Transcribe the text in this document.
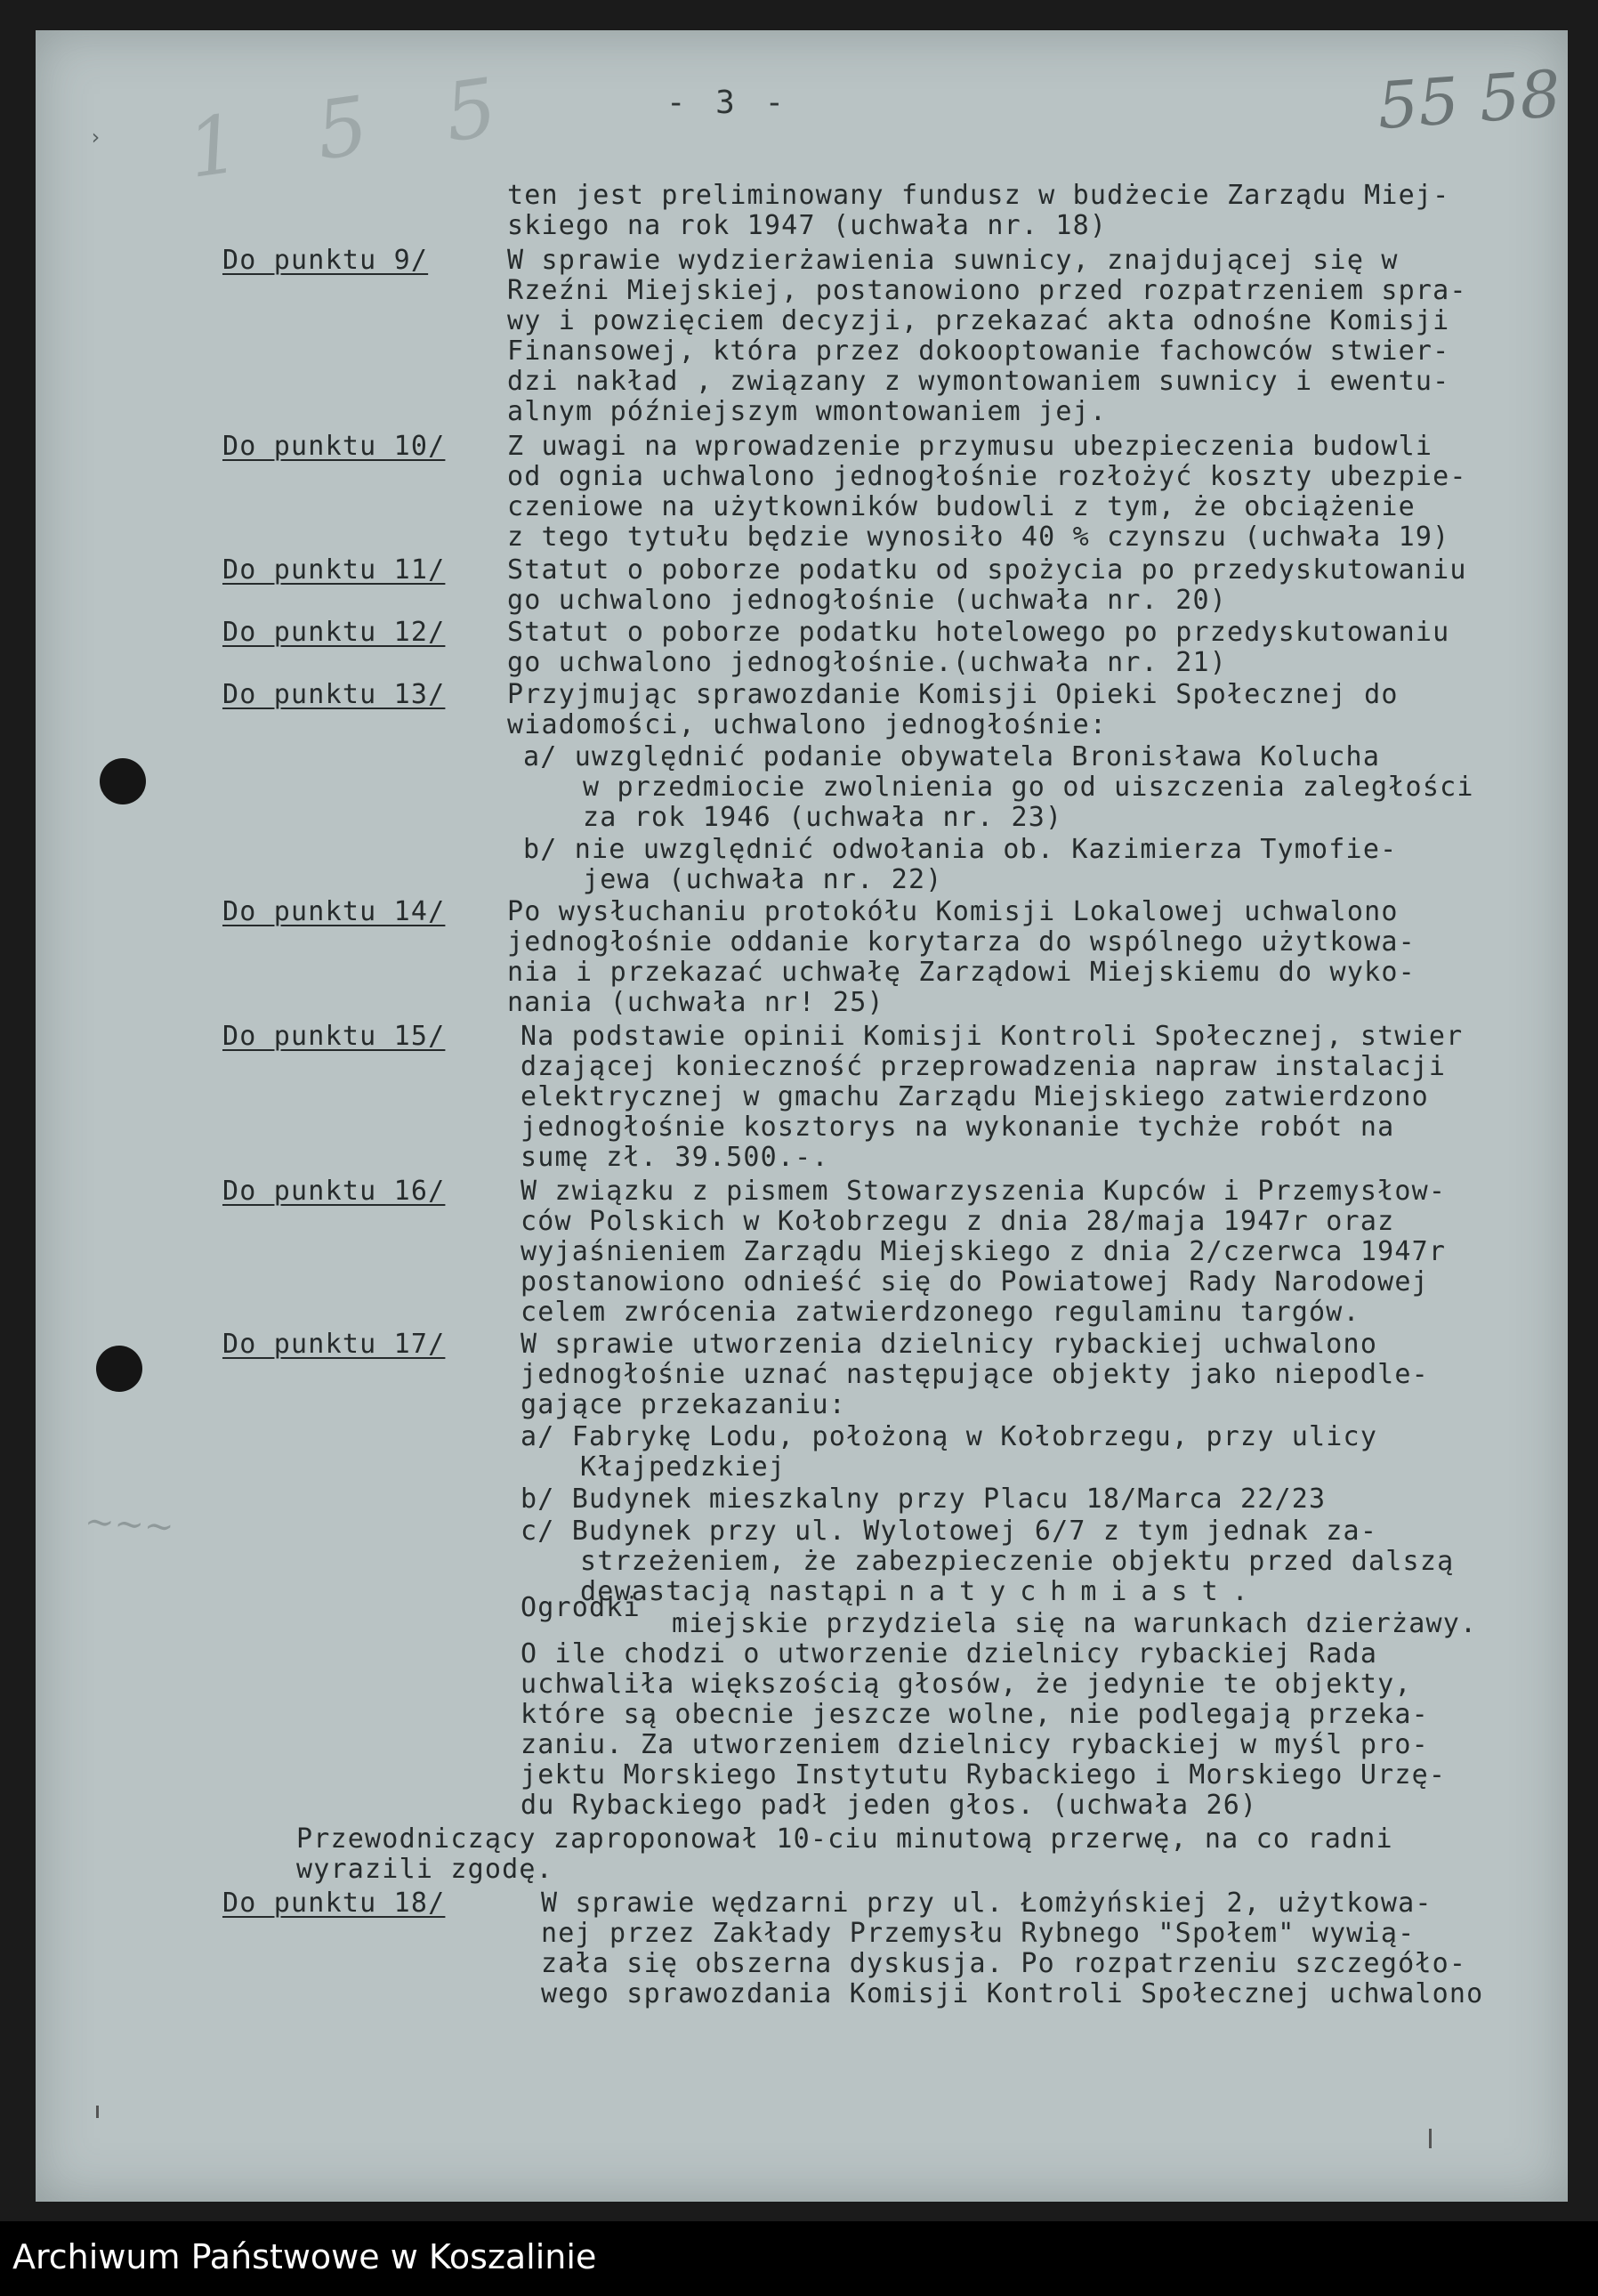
1 5 5
›
~~~
- 3 -	55 58
ten jest preliminowany fundusz w budżecie Zarządu Miej-
skiego na rok 1947 (uchwała nr. 18)
Do punktu 9/	W sprawie wydzierżawienia suwnicy, znajdującej się w
Rzeźni Miejskiej, postanowiono przed rozpatrzeniem spra-
wy i powzięciem decyzji, przekazać akta odnośne Komisji
Finansowej, która przez dokooptowanie fachowców stwier-
dzi nakład , związany z wymontowaniem suwnicy i ewentu-
alnym późniejszym wmontowaniem jej.
Do punktu 10/ Z uwagi na wprowadzenie przymusu ubezpieczenia budowli
od ognia uchwalono jednogłośnie rozłożyć koszty ubezpie-
czeniowe na użytkowników budowli z tym, że obciążenie
z tego tytułu będzie wynosiło 40 % czynszu (uchwała 19)
Do punktu 11/ Statut o poborze podatku od spożycia po przedyskutowaniu
go uchwalono jednogłośnie (uchwała nr. 20)
Do punktu 12/ Statut o poborze podatku hotelowego po przedyskutowaniu
go uchwalono jednogłośnie.(uchwała nr. 21)
Do punktu 13/ Przyjmując sprawozdanie Komisji Opieki Społecznej do
wiadomości, uchwalono jednogłośnie:
a/ uwzględnić podanie obywatela Bronisława Kolucha
w przedmiocie zwolnienia go od uiszczenia zaległości
za rok 1946 (uchwała nr. 23)
b/ nie uwzględnić odwołania ob. Kazimierza Tymofie-
jewa (uchwała nr. 22)
Do punktu 14/ Po wysłuchaniu protokółu Komisji Lokalowej uchwalono
jednogłośnie oddanie korytarza do wspólnego użytkowa-
nia i przekazać uchwałę Zarządowi Miejskiemu do wyko-
nania (uchwała nr! 25)
Do punktu 15/	Na podstawie opinii Komisji Kontroli Społecznej, stwier
dzającej konieczność przeprowadzenia napraw instalacji
elektrycznej w gmachu Zarządu Miejskiego zatwierdzono
jednogłośnie kosztorys na wykonanie tychże robót na
sumę zł. 39.500.-.
Do punktu 16/	W związku z pismem Stowarzyszenia Kupców i Przemysłow-
ców Polskich w Kołobrzegu z dnia 28/maja 1947r oraz
wyjaśnieniem Zarządu Miejskiego z dnia 2/czerwca 1947r
postanowiono odnieść się do Powiatowej Rady Narodowej
celem zwrócenia zatwierdzonego regulaminu targów.
Do punktu 17/	W sprawie utworzenia dzielnicy rybackiej uchwalono
jednogłośnie uznać następujące objekty jako niepodle-
gające przekazaniu:
a/ Fabrykę Lodu, położoną w Kołobrzegu, przy ulicy
Kłajpedzkiej
b/ Budynek mieszkalny przy Placu 18/Marca 22/23
c/ Budynek przy ul. Wylotowej 6/7 z tym jednak za-
strzeżeniem, że zabezpieczenie objektu przed dalszą
dewastacją nastąpi natychmiast.
Ogrodki
miejskie przydziela się na warunkach dzierżawy.
O ile chodzi o utworzenie dzielnicy rybackiej Rada
uchwaliła większością głosów, że jedynie te objekty,
które są obecnie jeszcze wolne, nie podlegają przeka-
zaniu. Za utworzeniem dzielnicy rybackiej w myśl pro-
jektu Morskiego Instytutu Rybackiego i Morskiego Urzę-
du Rybackiego padł jeden głos. (uchwała 26)
Przewodniczący zaproponował 10-ciu minutową przerwę, na co radni
wyrazili zgodę.
Do punktu 18/	W sprawie wędzarni przy ul. Łomżyńskiej 2, użytkowa-
nej przez Zakłady Przemysłu Rybnego "Społem" wywią-
zała się obszerna dyskusja. Po rozpatrzeniu szczegóło-
wego sprawozdania Komisji Kontroli Społecznej uchwalono
Archiwum Państwowe w Koszalinie
